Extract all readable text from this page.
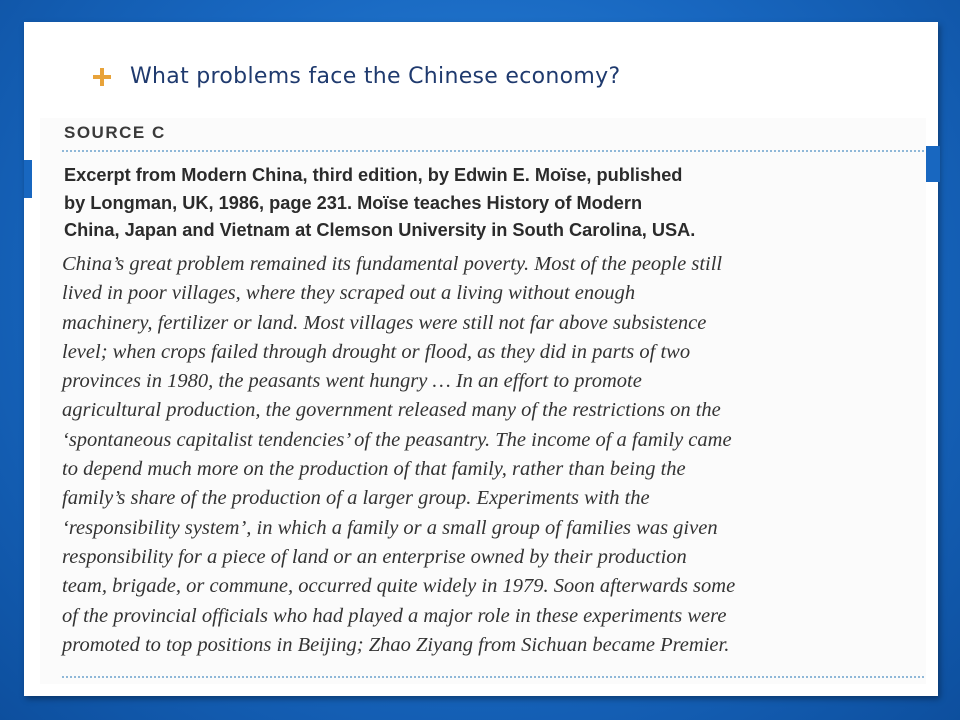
What problems face the Chinese economy?
SOURCE C
Excerpt from Modern China, third edition, by Edwin E. Moïse, published
by Longman, UK, 1986, page 231. Moïse teaches History of Modern
China, Japan and Vietnam at Clemson University in South Carolina, USA.
China’s great problem remained its fundamental poverty. Most of the people still
lived in poor villages, where they scraped out a living without enough
machinery, fertilizer or land. Most villages were still not far above subsistence
level; when crops failed through drought or flood, as they did in parts of two
provinces in 1980, the peasants went hungry … In an effort to promote
agricultural production, the government released many of the restrictions on the
‘spontaneous capitalist tendencies’ of the peasantry. The income of a family came
to depend much more on the production of that family, rather than being the
family’s share of the production of a larger group. Experiments with the
‘responsibility system’, in which a family or a small group of families was given
responsibility for a piece of land or an enterprise owned by their production
team, brigade, or commune, occurred quite widely in 1979. Soon afterwards some
of the provincial officials who had played a major role in these experiments were
promoted to top positions in Beijing; Zhao Ziyang from Sichuan became Premier.
